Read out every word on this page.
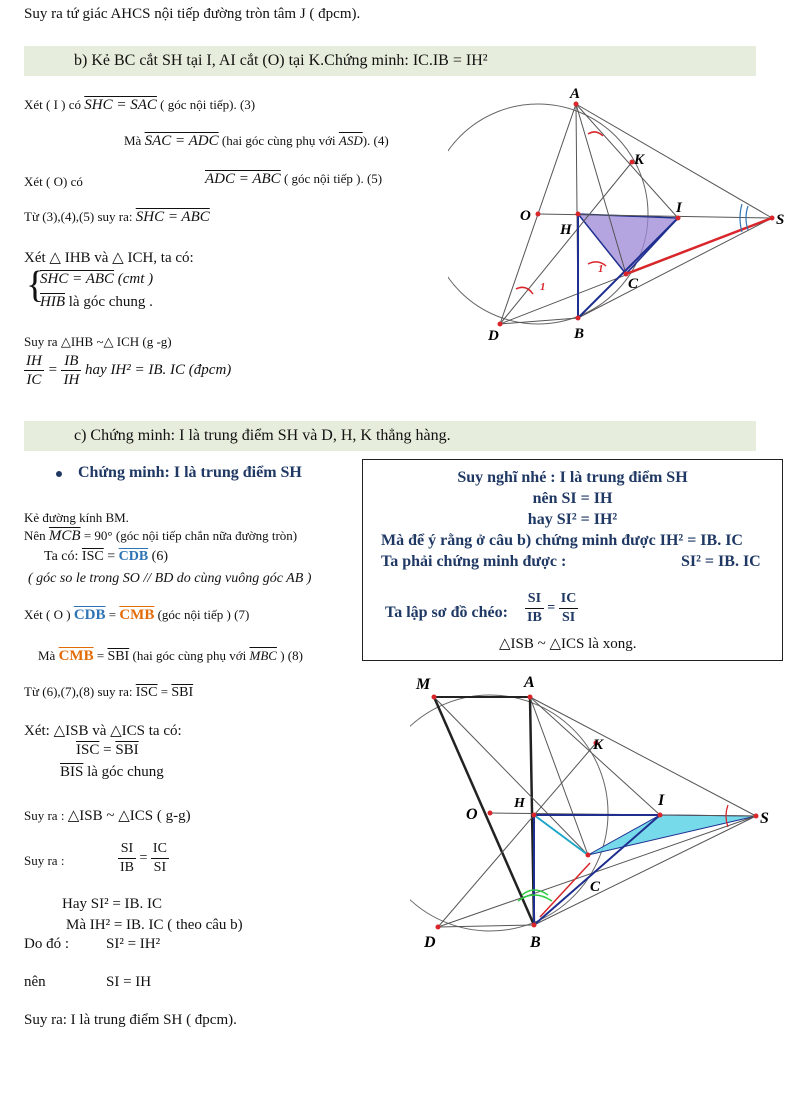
Suy ra tứ giác AHCS nội tiếp đường tròn tâm J ( đpcm).
b) Kẻ BC cắt SH tại I, AI cắt (O) tại K.Chứng minh: IC.IB = IH²
Xét ( I ) có SHC = SAC ( góc nội tiếp). (3)
Mà SAC = ADC (hai góc cùng phụ với $\overline{ASD}$). (4)
Xét ( O) có	ADC = ABC ( góc nội tiếp ). (5)
Từ (3),(4),(5) suy ra: SHC = ABC
Xét △ IHB và △ ICH, ta có:
{
SHC = ABC (cmt )
$\overline{HIB}$ là góc chung .
Suy ra △IHB ~△ ICH (g -g)
$\frac{IH}{IC} = \frac{IB}{IH}$ hay IH² = IB. IC (đpcm)
A
K
O
H
I
S
C
D	B
1
1
c) Chứng minh: I là trung điểm SH và D, H, K thẳng hàng.
Chứng minh: I là trung điểm SH
Kẻ đường kính BM.
Nên $\overline{MCB} = 90^\circ$ (góc nội tiếp chắn nữa đường tròn)
Ta có: $\overline{ISC} = \overline{CDB}$ (6)
( góc so le trong SO // BD do cùng vuông góc AB )
Xét ( O ) $\overline{CDB} = \overline{CMB}$ (góc nội tiếp ) (7)
Mà $\overline{CMB} = \overline{SBI}$ (hai góc cùng phụ với $\overline{MBC}$ ) (8)
Từ (6),(7),(8) suy ra: $\overline{ISC} = \overline{SBI}$
Xét: △ISB và △ICS ta có:
$\overline{ISC} = \overline{SBI}$
$\overline{BIS}$ là góc chung
Suy ra : △ISB ~ △ICS ( g-g)
Suy ra :	$\frac{SI}{IB} = \frac{IC}{SI}$
Hay SI² = IB. IC
Mà IH² = IB. IC ( theo câu b)
Do đó : SI² = IH²
nên	SI = IH
Suy ra: I là trung điểm SH ( đpcm).
Suy nghĩ nhé : I là trung điểm SH
nên SI = IH
hay SI² = IH²
Mà để ý rằng ở câu b) chứng minh được IH² = IB. IC
Ta phải chứng minh được :	SI² = IB. IC
Ta lập sơ đồ chéo: $\frac{SI}{IB} = \frac{IC}{SI}$
△ISB ~ △ICS là xong.
M	A
K
O
H	I
S
C
D	B
